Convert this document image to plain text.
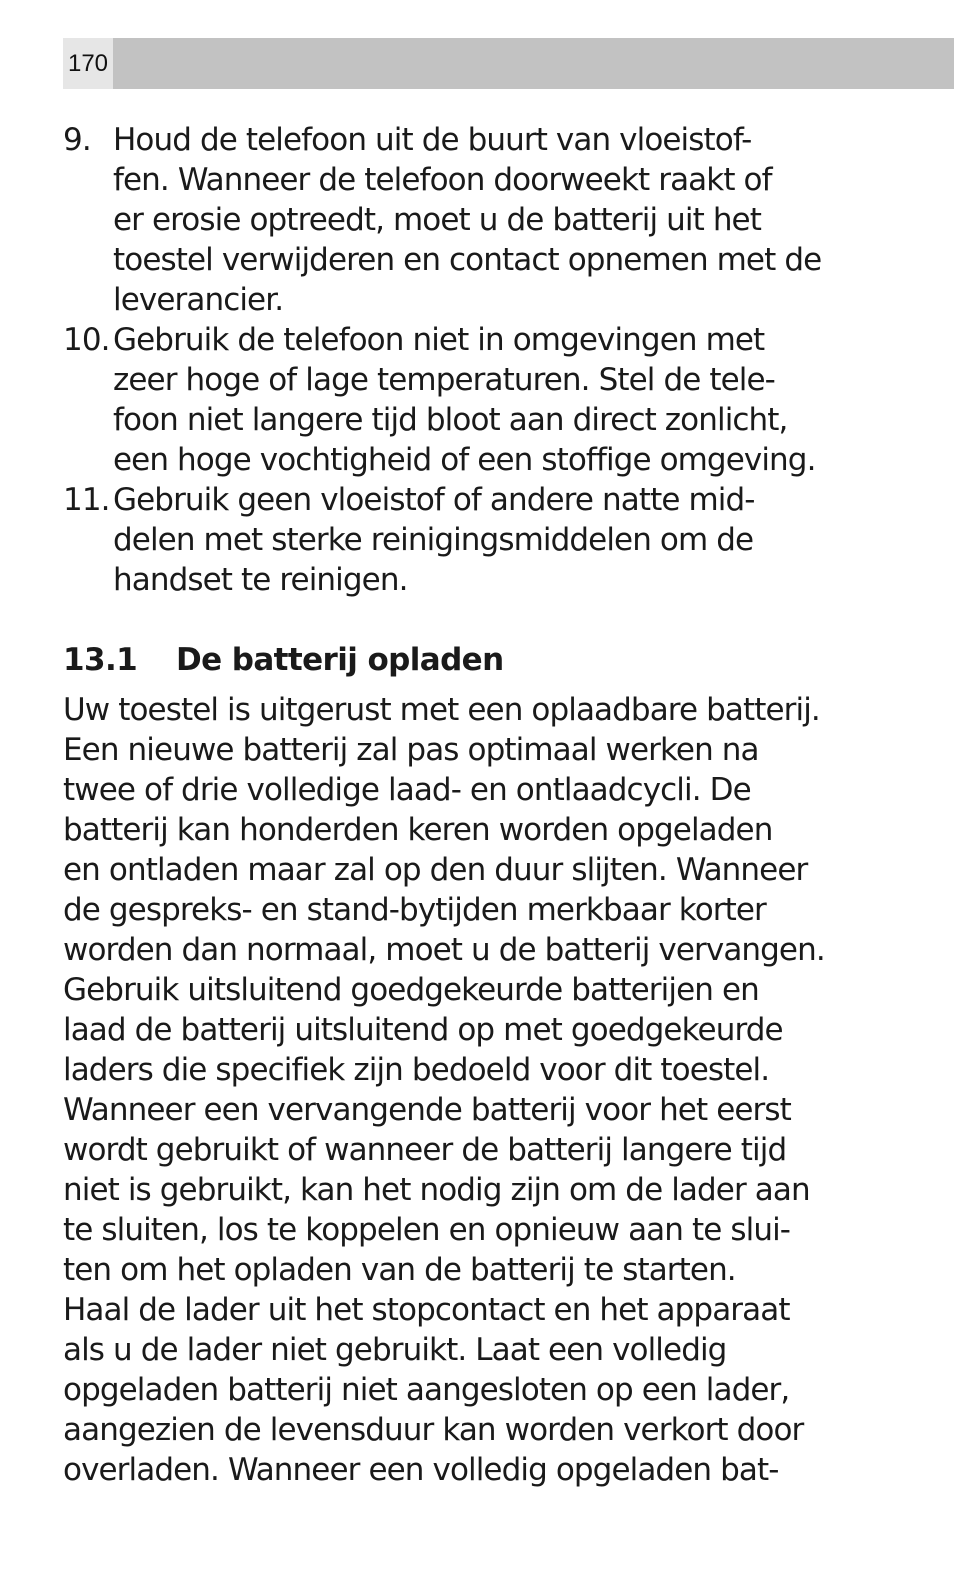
170
9. Houd de telefoon uit de buurt van vloeistof-
fen. Wanneer de telefoon doorweekt raakt of
er erosie optreedt, moet u de batterij uit het
toestel verwijderen en contact opnemen met de
leverancier.
10. Gebruik de telefoon niet in omgevingen met
zeer hoge of lage temperaturen. Stel de tele-
foon niet langere tijd bloot aan direct zonlicht,
een hoge vochtigheid of een stoffige omgeving.
11. Gebruik geen vloeistof of andere natte mid-
delen met sterke reinigingsmiddelen om de
handset te reinigen.
13.1 De batterij opladen

Uw toestel is uitgerust met een oplaadbare batterij.
Een nieuwe batterij zal pas optimaal werken na
twee of drie volledige laad- en ontlaadcycli. De
batterij kan honderden keren worden opgeladen
en ontladen maar zal op den duur slijten. Wanneer
de gespreks- en stand-bytijden merkbaar korter
worden dan normaal, moet u de batterij vervangen.
Gebruik uitsluitend goedgekeurde batterijen en
laad de batterij uitsluitend op met goedgekeurde
laders die specifiek zijn bedoeld voor dit toestel.
Wanneer een vervangende batterij voor het eerst
wordt gebruikt of wanneer de batterij langere tijd
niet is gebruikt, kan het nodig zijn om de lader aan
te sluiten, los te koppelen en opnieuw aan te slui-
ten om het opladen van de batterij te starten.
Haal de lader uit het stopcontact en het apparaat
als u de lader niet gebruikt. Laat een volledig
opgeladen batterij niet aangesloten op een lader,
aangezien de levensduur kan worden verkort door
overladen. Wanneer een volledig opgeladen bat-
